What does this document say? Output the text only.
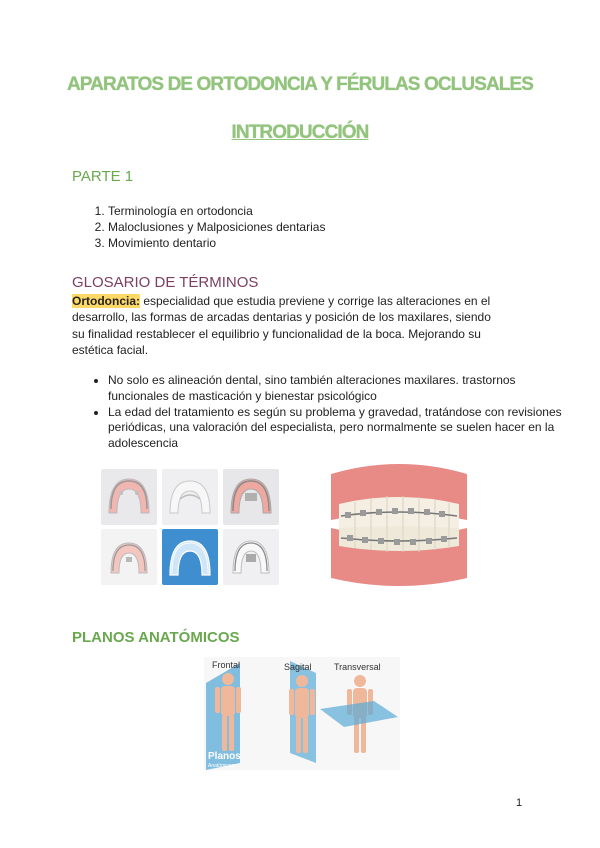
APARATOS DE ORTODONCIA Y FÉRULAS OCLUSALES
INTRODUCCIÓN
PARTE 1
1. Terminología en ortodoncia
2. Maloclusiones y Malposiciones dentarias
3. Movimiento dentario
GLOSARIO DE TÉRMINOS
Ortodoncia: especialidad que estudia previene y corrige las alteraciones en el desarrollo, las formas de arcadas dentarias y posición de los maxilares, siendo su finalidad restablecer el equilibrio y funcionalidad de la boca. Mejorando su estética facial.
• No solo es alineación dental, sino también alteraciones maxilares. trastornos funcionales de masticación y bienestar psicológico
• La edad del tratamiento es según su problema y gravedad, tratándose con revisiones periódicas, una valoración del especialista, pero normalmente se suelen hacer en la adolescencia
PLANOS ANATÓMICOS
Frontal	Sagital Transversal
Planos
Anatómicos
1
